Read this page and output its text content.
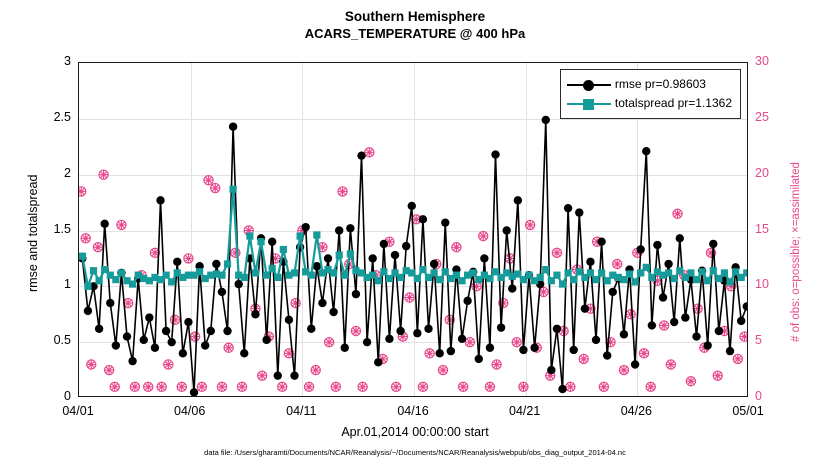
Southern Hemisphere
ACARS_TEMPERATURE @ 400 hPa
rmse and totalspread	# of obs: o=possible; ×=assimilated
rmse pr=0.98603
totalspread pr=1.1362
0
0.5
1
1.5
2
2.5
3
0
5
10
15
20
25
30
04/01	04/06	04/11	04/16	04/21	04/26	05/01
Apr.01,2014 00:00:00 start
data file: /Users/gharamti/Documents/NCAR/Reanalysis/~/Documents/NCAR/Reanalysis/webpub/obs_diag_output_2014-04.nc
